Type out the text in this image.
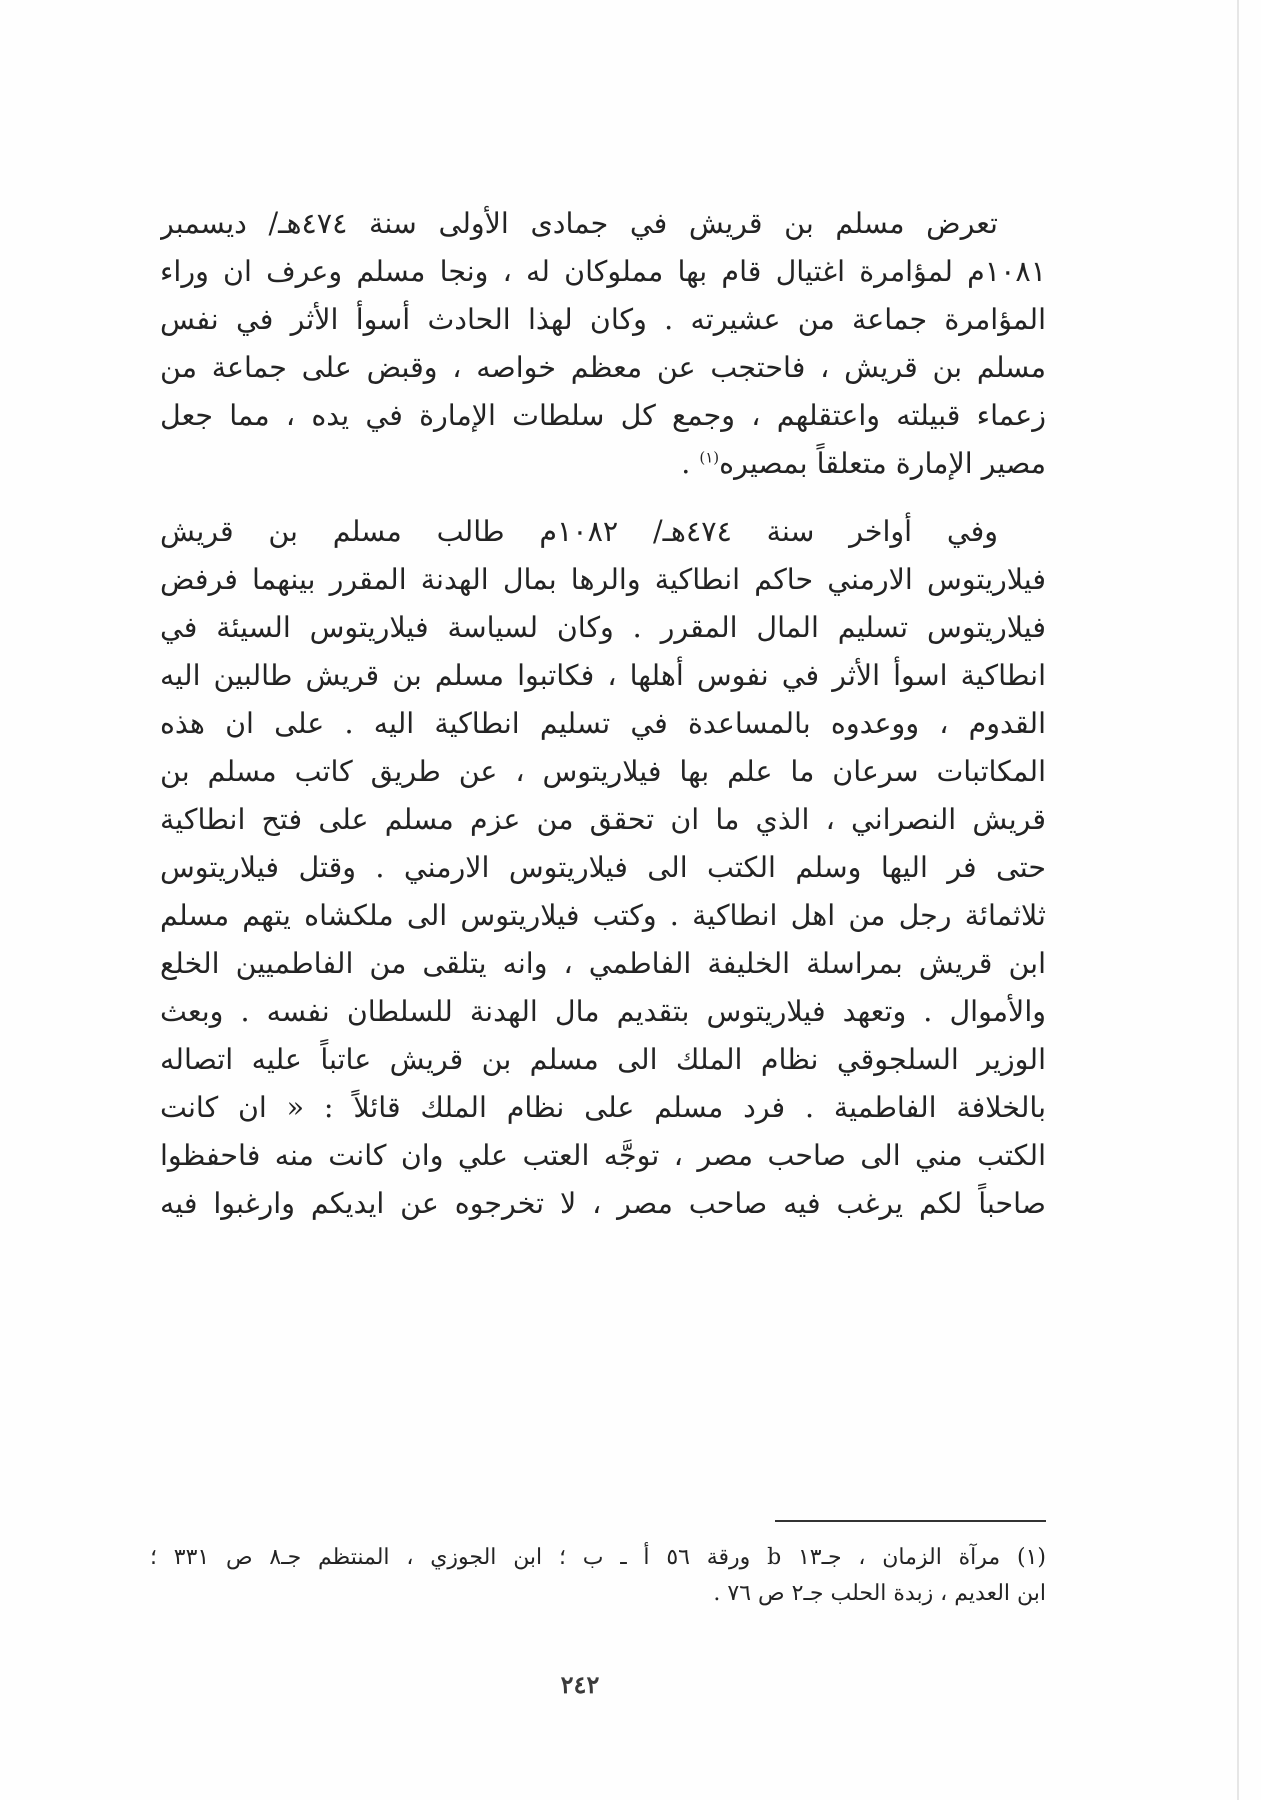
تعرض مسلم بن قريش في جمادى الأولى سنة ٤٧٤هـ/ ديسمبر
١٠٨١م لمؤامرة اغتيال قام بها مملوكان له ، ونجا مسلم وعرف ان وراء
المؤامرة جماعة من عشيرته . وكان لهذا الحادث أسوأ الأثر في نفس
مسلم بن قريش ، فاحتجب عن معظم خواصه ، وقبض على جماعة من
زعماء قبيلته واعتقلهم ، وجمع كل سلطات الإمارة في يده ، مما جعل
مصير الإمارة متعلقاً بمصيره$^{(١)}$ .
وفي أواخر سنة ٤٧٤هـ/ ١٠٨٢م طالب مسلم بن قريش
فيلاريتوس الارمني حاكم انطاكية والرها بمال الهدنة المقرر بينهما فرفض
فيلاريتوس تسليم المال المقرر . وكان لسياسة فيلاريتوس السيئة في
انطاكية اسوأ الأثر في نفوس أهلها ، فكاتبوا مسلم بن قريش طالبين اليه
القدوم ، ووعدوه بالمساعدة في تسليم انطاكية اليه . على ان هذه
المكاتبات سرعان ما علم بها فيلاريتوس ، عن طريق كاتب مسلم بن
قريش النصراني ، الذي ما ان تحقق من عزم مسلم على فتح انطاكية
حتى فر اليها وسلم الكتب الى فيلاريتوس الارمني . وقتل فيلاريتوس
ثلاثمائة رجل من اهل انطاكية . وكتب فيلاريتوس الى ملكشاه يتهم مسلم
ابن قريش بمراسلة الخليفة الفاطمي ، وانه يتلقى من الفاطميين الخلع
والأموال . وتعهد فيلاريتوس بتقديم مال الهدنة للسلطان نفسه . وبعث
الوزير السلجوقي نظام الملك الى مسلم بن قريش عاتباً عليه اتصاله
بالخلافة الفاطمية . فرد مسلم على نظام الملك قائلاً : « ان كانت
الكتب مني الى صاحب مصر ، توجَّه العتب علي وان كانت منه فاحفظوا
صاحباً لكم يرغب فيه صاحب مصر ، لا تخرجوه عن ايديكم وارغبوا فيه
(١) مرآة الزمان ، جـ١٣ b ورقة ٥٦ أ ـ ب ؛ ابن الجوزي ، المنتظم جـ٨ ص ٣٣١ ؛
ابن العديم ، زبدة الحلب جـ٢ ص ٧٦ .
٢٤٢
